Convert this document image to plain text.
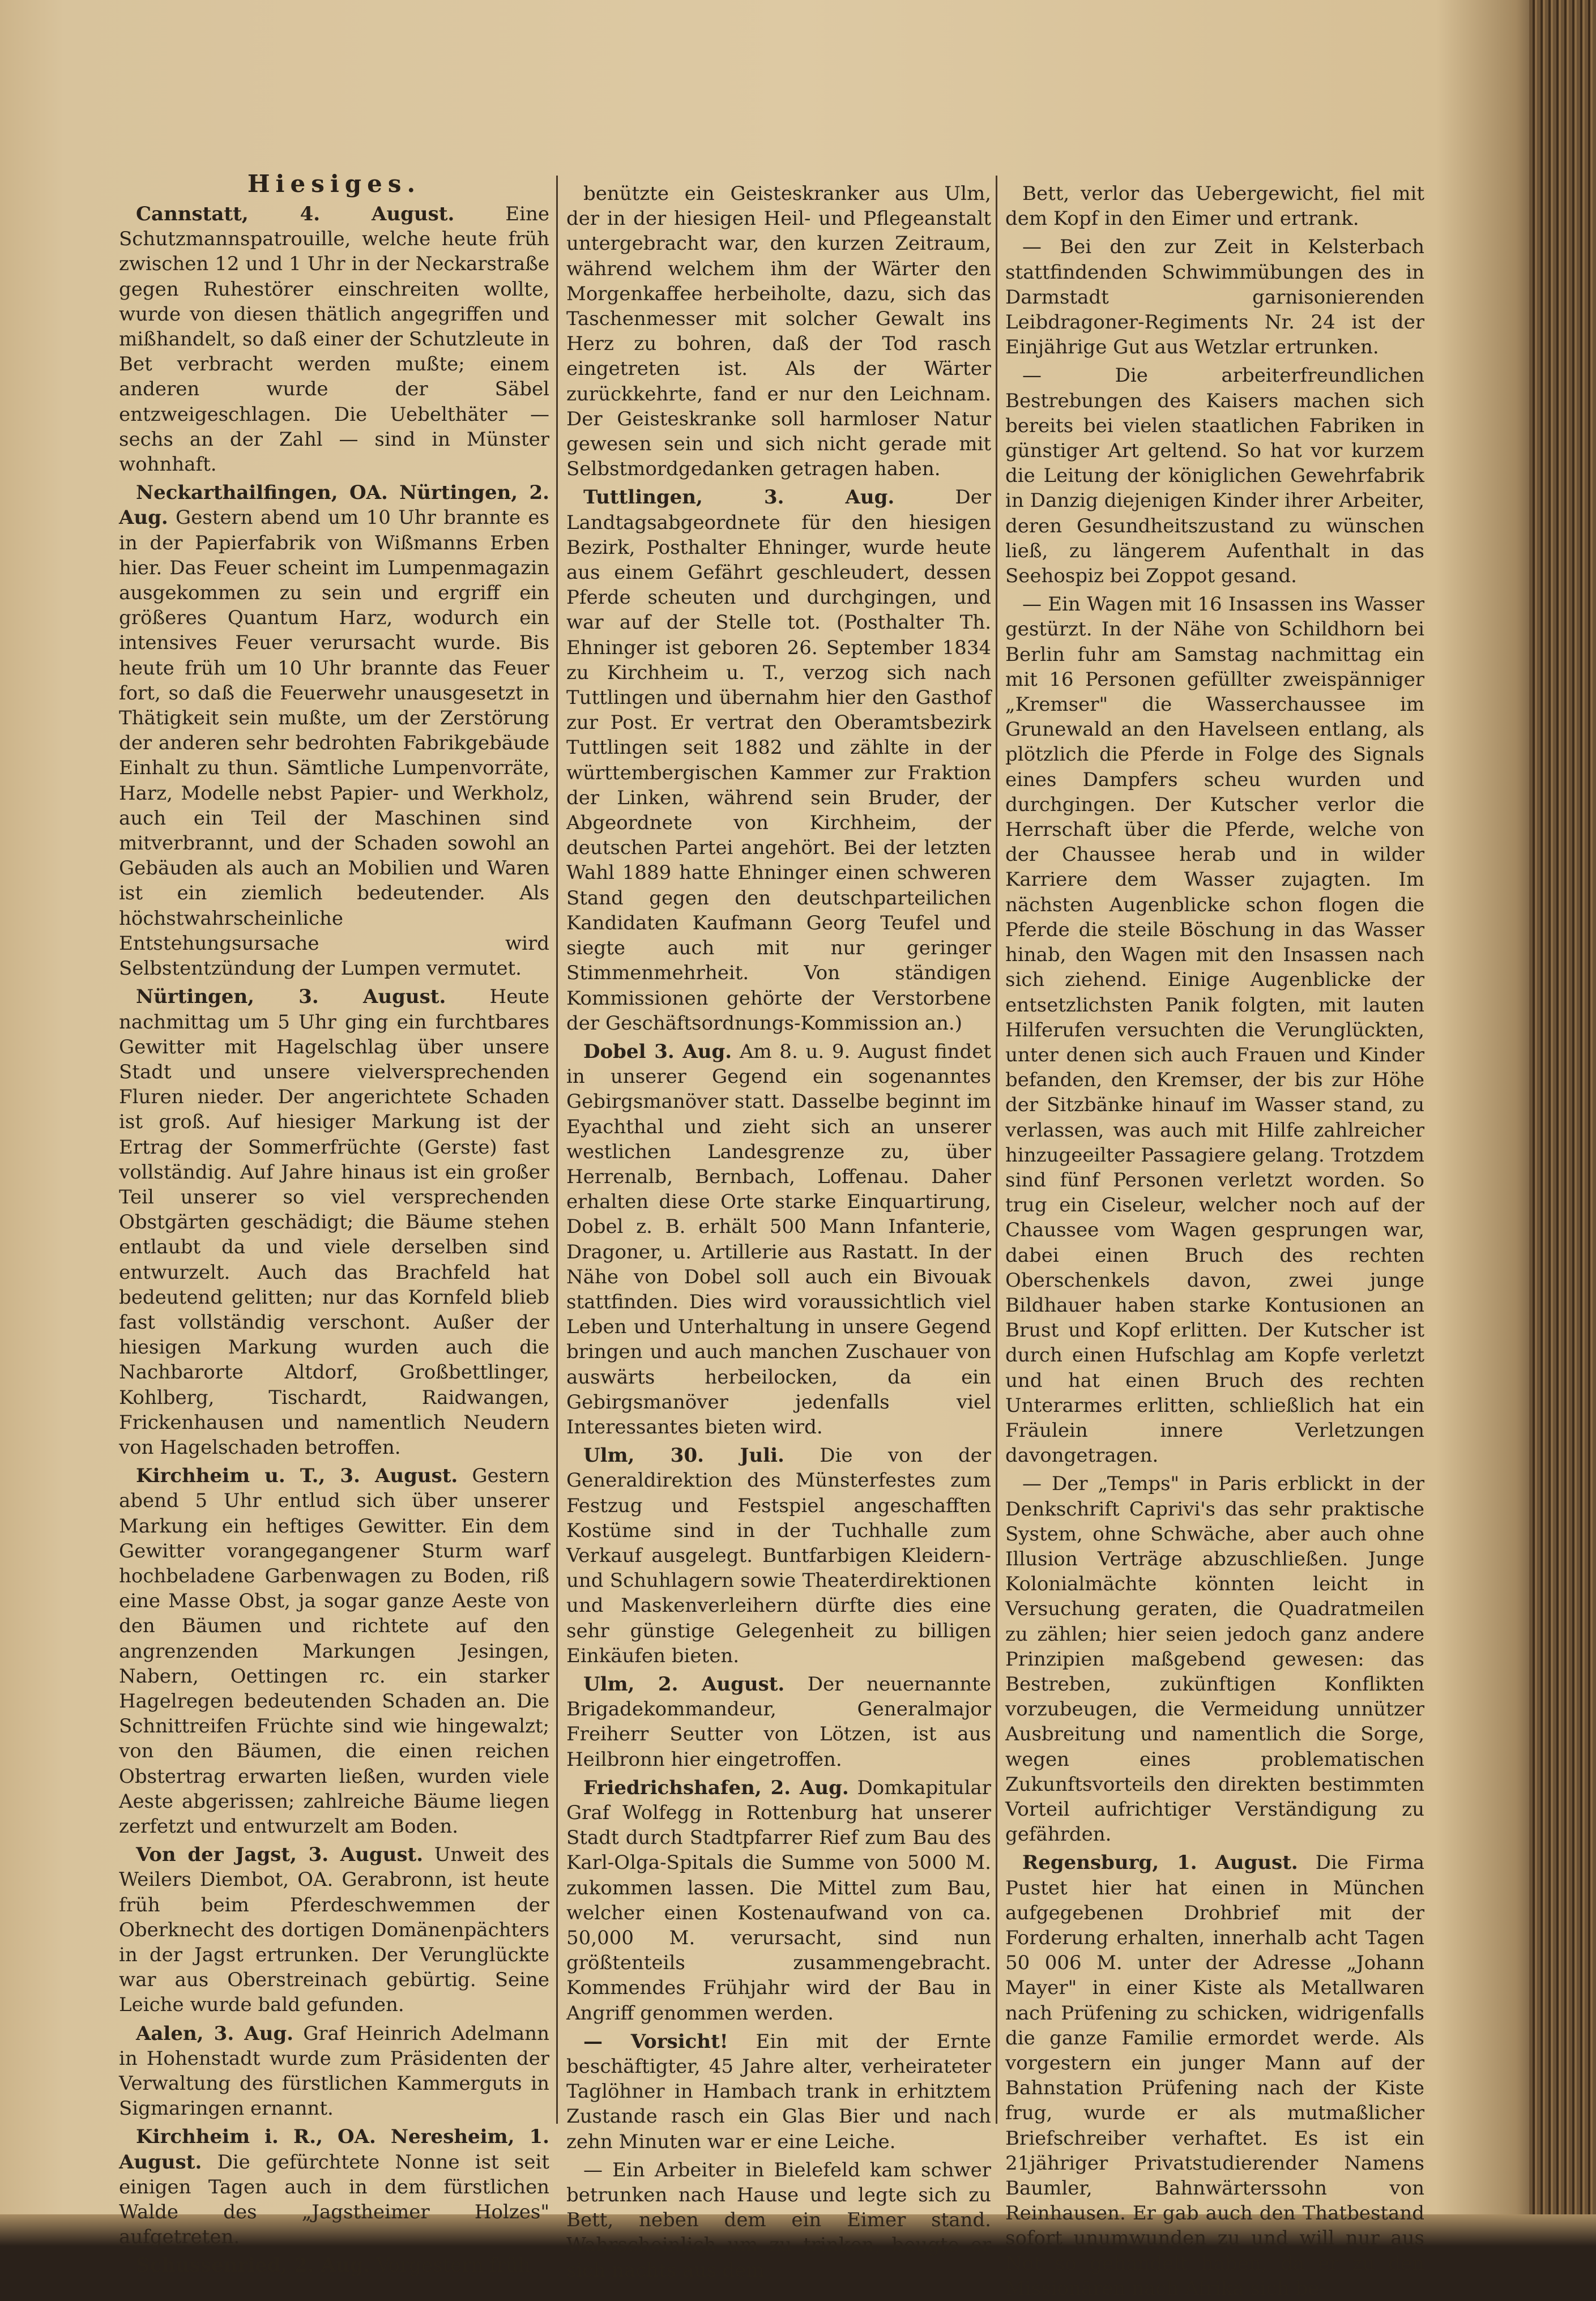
Hiesiges.

Cannstatt, 4. August.	Eine Schutzmannspatrouille, welche heute früh zwischen 12 und 1 Uhr in der Neckarstraße gegen Ruhestörer einschreiten wollte, wurde von diesen thätlich angegriffen und mißhandelt, so daß einer der Schutzleute in Bet verbracht werden mußte; einem anderen wurde der Säbel entzweigeschlagen. Die Uebelthäter — sechs an der Zahl — sind in Münster wohnhaft.

Neckarthailfingen, OA. Nürtingen, 2. Aug. Gestern abend um 10 Uhr brannte es in der Papierfabrik von Wißmanns Erben hier. Das Feuer scheint im Lumpenmagazin ausgekommen zu sein und ergriff ein größeres Quantum Harz, wodurch ein intensives Feuer verursacht wurde. Bis heute früh um 10 Uhr brannte das Feuer fort, so daß die Feuerwehr unausgesetzt in Thätigkeit sein mußte, um der Zerstörung der anderen sehr bedrohten Fabrikgebäude Einhalt zu thun. Sämtliche Lumpenvorräte, Harz, Modelle nebst Papier- und Werkholz, auch ein Teil der Maschinen sind mitverbrannt, und der Schaden sowohl an Gebäuden als auch an Mobilien und Waren ist ein ziemlich bedeutender. Als höchstwahrscheinliche Entstehungsursache wird Selbstentzündung der Lumpen vermutet.

Nürtingen, 3. August. Heute nachmittag um 5 Uhr ging ein furchtbares Gewitter mit Hagelschlag über unsere Stadt und unsere vielversprechenden Fluren nieder. Der angerichtete Schaden ist groß. Auf hiesiger Markung ist der Ertrag der Sommerfrüchte (Gerste) fast vollständig. Auf Jahre hinaus ist ein großer Teil unserer so viel versprechenden Obstgärten geschädigt; die Bäume stehen entlaubt da und viele derselben sind entwurzelt. Auch das Brachfeld hat bedeutend gelitten; nur das Kornfeld blieb fast vollständig verschont. Außer der hiesigen Markung wurden auch die Nachbarorte Altdorf, Großbettlinger, Kohlberg, Tischardt, Raidwangen, Frickenhausen und namentlich Neudern von Hagelschaden betroffen.

Kirchheim u. T., 3. August. Gestern abend 5 Uhr entlud sich über unserer Markung ein heftiges Gewitter. Ein dem Gewitter vorangegangener Sturm warf hochbeladene Garbenwagen zu Boden, riß eine Masse Obst, ja sogar ganze Aeste von den Bäumen und richtete auf den angrenzenden Markungen Jesingen, Nabern, Oettingen rc. ein starker Hagelregen bedeutenden Schaden an. Die Schnittreifen Früchte sind wie hingewalzt; von den Bäumen, die einen reichen Obstertrag erwarten ließen, wurden viele Aeste abgerissen; zahlreiche Bäume liegen zerfetzt und entwurzelt am Boden.

Von der Jagst, 3. August. Unweit des Weilers Diembot, OA. Gerabronn, ist heute früh beim Pferdeschwemmen der Oberknecht des dortigen Domänenpächters in der Jagst ertrunken. Der Verunglückte war aus Oberstreinach gebürtig. Seine Leiche wurde bald gefunden.

Aalen, 3. Aug. Graf Heinrich Adelmann in Hohenstadt wurde zum Präsidenten der Verwaltung des fürstlichen Kammerguts in Sigmaringen ernannt.

Kirchheim i. R., OA. Neresheim, 1. August. Die gefürchtete Nonne ist seit einigen Tagen auch in dem fürstlichen Walde des „Jagstheimer Holzes" aufgetreten.

Schussenried, 2. Aug. Vorgestern früh

benützte ein Geisteskranker aus Ulm, der in der hiesigen Heil- und Pflegeanstalt untergebracht war, den kurzen Zeitraum, während welchem ihm der Wärter den Morgenkaffee herbeiholte, dazu, sich das Taschenmesser mit solcher Gewalt ins Herz zu bohren, daß der Tod rasch eingetreten ist. Als der Wärter zurückkehrte, fand er nur den Leichnam. Der Geisteskranke soll harmloser Natur gewesen sein und sich nicht gerade mit Selbstmordgedanken getragen haben.

Tuttlingen, 3. Aug.	Der Landtagsabgeordnete für den hiesigen Bezirk, Posthalter Ehninger, wurde heute aus einem Gefährt geschleudert, dessen Pferde scheuten und durchgingen, und war auf der Stelle tot. (Posthalter Th. Ehninger ist geboren 26. September 1834 zu Kirchheim u. T., verzog sich nach Tuttlingen und übernahm hier den Gasthof zur Post. Er vertrat den Oberamtsbezirk Tuttlingen seit 1882 und zählte in der württembergischen Kammer zur Fraktion der Linken, während sein Bruder, der Abgeordnete von Kirchheim, der deutschen Partei angehört. Bei der letzten Wahl 1889 hatte Ehninger einen schweren Stand gegen den deutschparteilichen Kandidaten Kaufmann Georg Teufel und siegte auch mit nur geringer Stimmenmehrheit. Von ständigen Kommissionen gehörte der Verstorbene der Geschäftsordnungs-Kommission an.)

Dobel 3. Aug. Am 8. u. 9. August findet in unserer Gegend ein sogenanntes Gebirgsmanöver statt. Dasselbe beginnt im Eyachthal und zieht sich an unserer westlichen Landesgrenze zu, über Herrenalb, Bernbach, Loffenau. Daher erhalten diese Orte starke Einquartirung, Dobel z. B. erhält 500 Mann Infanterie, Dragoner, u. Artillerie aus Rastatt. In der Nähe von Dobel soll auch ein Bivouak stattfinden. Dies wird voraussichtlich viel Leben und Unterhaltung in unsere Gegend bringen und auch manchen Zuschauer von auswärts herbeilocken, da ein Gebirgsmanöver jedenfalls viel Interessantes bieten wird.

Ulm, 30. Juli. Die von der Generaldirektion des Münsterfestes zum Festzug und Festspiel angeschafften Kostüme sind in der Tuchhalle zum Verkauf ausgelegt. Buntfarbigen Kleidern- und Schuhlagern sowie Theaterdirektionen und Maskenverleihern dürfte dies eine sehr günstige Gelegenheit zu billigen Einkäufen bieten.

Ulm, 2. August. Der neuernannte Brigadekommandeur, Generalmajor Freiherr Seutter von Lötzen, ist aus Heilbronn hier eingetroffen.

Friedrichshafen, 2. Aug. Domkapitular Graf Wolfegg in Rottenburg hat unserer Stadt durch Stadtpfarrer Rief zum Bau des Karl-Olga-Spitals die Summe von 5000 M. zukommen lassen. Die Mittel zum Bau, welcher einen Kostenaufwand von ca. 50,000 M. verursacht, sind nun größtenteils zusammengebracht. Kommendes Frühjahr wird der Bau in Angriff genommen werden.

— Vorsicht! Ein mit der Ernte beschäftigter, 45 Jahre alter, verheirateter Taglöhner in Hambach trank in erhitztem Zustande rasch ein Glas Bier und nach zehn Minuten war er eine Leiche.

— Ein Arbeiter in Bielefeld kam schwer betrunken nach Hause und legte sich zu Bett, neben dem ein Eimer stand. Wahrscheinlich um zu trinken, beugte er sich nachts aus dem

Bett, verlor das Uebergewicht, fiel mit dem Kopf in den Eimer und ertrank.

— Bei den zur Zeit in Kelsterbach stattfindenden Schwimmübungen des in Darmstadt garnisonierenden Leibdragoner-Regiments Nr. 24 ist der Einjährige Gut aus Wetzlar ertrunken.

— Die arbeiterfreundlichen Bestrebungen des Kaisers machen sich bereits bei vielen staatlichen Fabriken in günstiger Art geltend. So hat vor kurzem die Leitung der königlichen Gewehrfabrik in Danzig diejenigen Kinder ihrer Arbeiter, deren Gesundheitszustand zu wünschen ließ, zu längerem Aufenthalt in das Seehospiz bei Zoppot gesand.

— Ein Wagen mit 16 Insassen ins Wasser gestürzt. In der Nähe von Schildhorn bei Berlin fuhr am Samstag nachmittag ein mit 16 Personen gefüllter zweispänniger „Kremser" die Wasserchaussee im Grunewald an den Havelseen entlang, als plötzlich die Pferde in Folge des Signals eines Dampfers scheu wurden und durchgingen. Der Kutscher verlor die Herrschaft über die Pferde, welche von der Chaussee herab und in wilder Karriere dem Wasser zujagten. Im nächsten Augenblicke schon flogen die Pferde die steile Böschung in das Wasser hinab, den Wagen mit den Insassen nach sich ziehend. Einige Augenblicke der entsetzlichsten Panik folgten, mit lauten Hilferufen versuchten die Verunglückten, unter denen sich auch Frauen und Kinder befanden, den Kremser, der bis zur Höhe der Sitzbänke hinauf im Wasser stand, zu verlassen, was auch mit Hilfe zahlreicher hinzugeeilter Passagiere gelang. Trotzdem sind fünf Personen verletzt worden. So trug ein Ciseleur, welcher noch auf der Chaussee vom Wagen gesprungen war, dabei einen Bruch des rechten Oberschenkels davon, zwei junge Bildhauer haben starke Kontusionen an Brust und Kopf erlitten. Der Kutscher ist durch einen Hufschlag am Kopfe verletzt und hat einen Bruch des rechten Unterarmes erlitten, schließlich hat ein Fräulein innere Verletzungen davongetragen.

— Der „Temps" in Paris erblickt in der Denkschrift Caprivi's das sehr praktische System, ohne Schwäche, aber auch ohne Illusion Verträge abzuschließen. Junge Kolonialmächte könnten leicht in Versuchung geraten, die Quadratmeilen zu zählen; hier seien jedoch ganz andere Prinzipien maßgebend gewesen: das Bestreben, zukünftigen Konflikten vorzubeugen, die Vermeidung unnützer Ausbreitung und namentlich die Sorge, wegen eines problematischen Zukunftsvorteils den direkten bestimmten Vorteil aufrichtiger Verständigung zu gefährden.

Regensburg, 1. August. Die Firma Pustet hier hat einen in München aufgegebenen Drohbrief mit der Forderung erhalten, innerhalb acht Tagen 50 006 M. unter der Adresse „Johann Mayer" in einer Kiste als Metallwaren nach Prüfening zu schicken, widrigenfalls die ganze Familie ermordet werde. Als vorgestern ein junger Mann auf der Bahnstation Prüfening nach der Kiste frug, wurde er als mutmaßlicher Briefschreiber verhaftet. Es ist ein 21jähriger Privatstudierender Namens Baumler, Bahnwärterssohn von Reinhausen. Er gab auch den Thatbestand sofort unumwunden zu und will nur aus Not so gehandelt haben, da er zu den Missionären nach Afrika sich be-
